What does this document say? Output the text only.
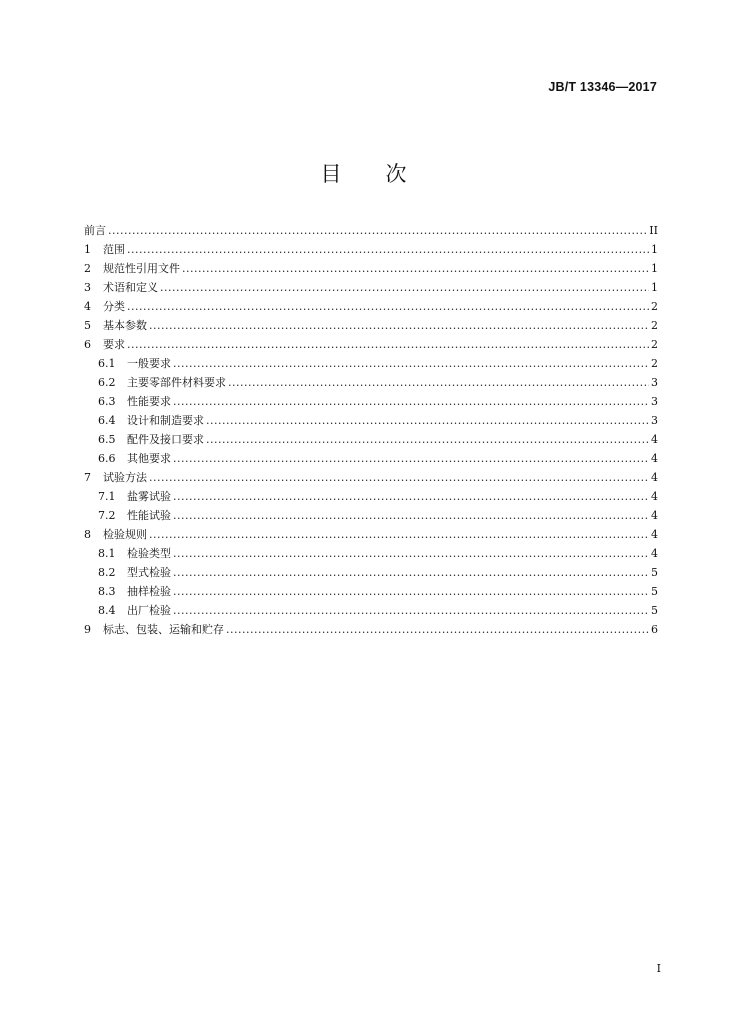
JB/T 13346—2017
目 次
前言 .....	II
1	范围 .....	1
2	规范性引用文件 .....	1
3	术语和定义 .....	1
4	分类 .....	2
5	基本参数 .....	2
6	要求 .....	2
6.1	一般要求 .....	2
6.2	主要零部件材料要求 .....	3
6.3	性能要求 .....	3
6.4	设计和制造要求 .....	3
6.5	配件及接口要求 .....	4
6.6	其他要求 .....	4
7	试验方法 .....	4
7.1	盐雾试验 .....	4
7.2	性能试验 .....	4
8	检验规则 .....	4
8.1	检验类型 .....	4
8.2	型式检验 .....	5
8.3	抽样检验 .....	5
8.4	出厂检验 .....	5
9	标志、包装、运输和贮存 .....	6
I
